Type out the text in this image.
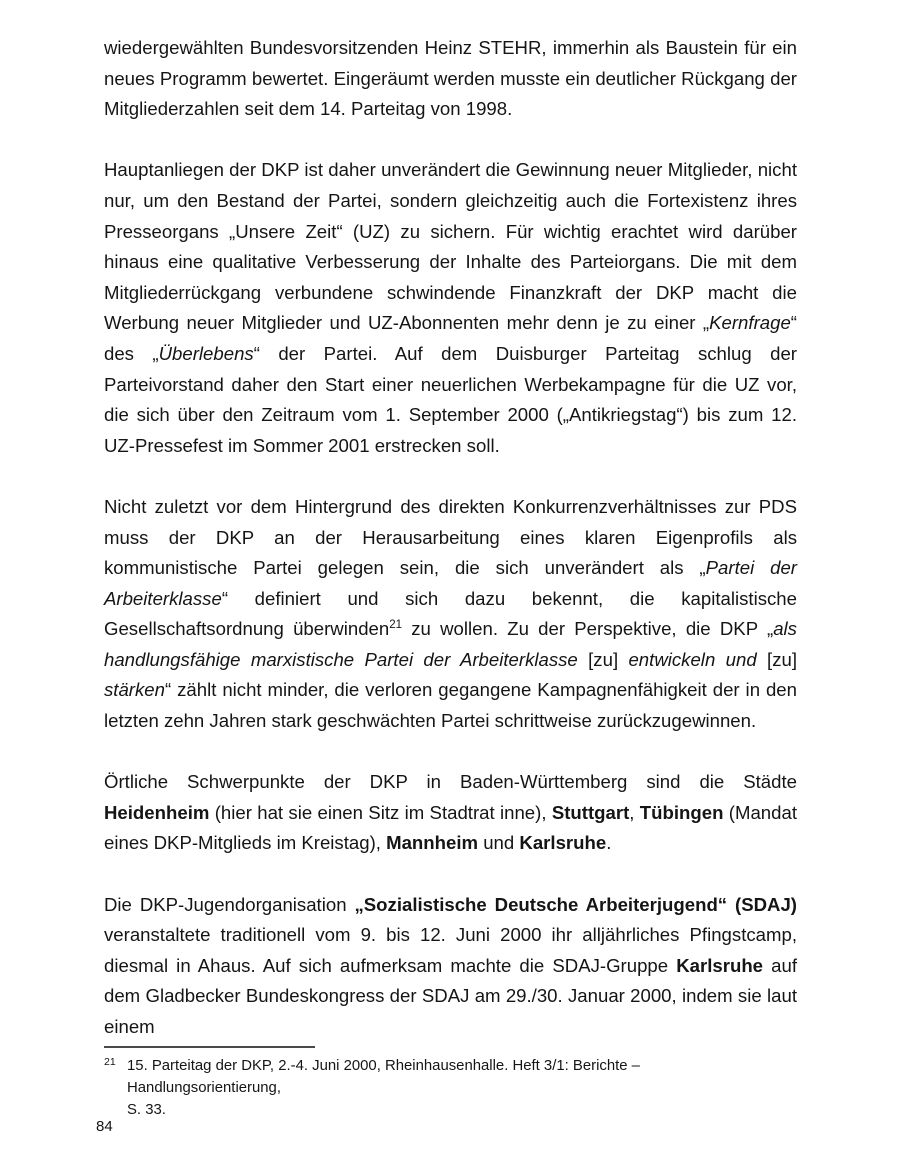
wiedergewählten Bundesvorsitzenden Heinz STEHR, immerhin als Baustein für ein neues Programm bewertet. Eingeräumt werden musste ein deutlicher Rückgang der Mitgliederzahlen seit dem 14. Parteitag von 1998.

Hauptanliegen der DKP ist daher unverändert die Gewinnung neuer Mitglieder, nicht nur, um den Bestand der Partei, sondern gleichzeitig auch die Fortexistenz ihres Presseorgans „Unsere Zeit“ (UZ) zu sichern. Für wichtig erachtet wird darüber hinaus eine qualitative Verbesserung der Inhalte des Parteiorgans. Die mit dem Mitgliederrückgang verbundene schwindende Finanzkraft der DKP macht die Werbung neuer Mitglieder und UZ-Abonnenten mehr denn je zu einer „Kernfrage“ des „Überlebens“ der Partei. Auf dem Duisburger Parteitag schlug der Parteivorstand daher den Start einer neuerlichen Werbekampagne für die UZ vor, die sich über den Zeitraum vom 1. September 2000 („Antikriegstag“) bis zum 12. UZ-Pressefest im Sommer 2001 erstrecken soll.

Nicht zuletzt vor dem Hintergrund des direkten Konkurrenzverhältnisses zur PDS muss der DKP an der Herausarbeitung eines klaren Eigenprofils als kommunistische Partei gelegen sein, die sich unverändert als „Partei der Arbeiterklasse“ definiert und sich dazu bekennt, die kapitalistische Gesellschaftsordnung überwinden$^{21}$ zu wollen. Zu der Perspektive, die DKP „als handlungsfähige marxistische Partei der Arbeiterklasse [zu] entwickeln und [zu] stärken“ zählt nicht minder, die verloren gegangene Kampagnenfähigkeit der in den letzten zehn Jahren stark geschwächten Partei schrittweise zurückzugewinnen.

Örtliche Schwerpunkte der DKP in Baden-Württemberg sind die Städte Heidenheim (hier hat sie einen Sitz im Stadtrat inne), Stuttgart, Tübingen (Mandat eines DKP-Mitglieds im Kreistag), Mannheim und Karlsruhe.

Die DKP-Jugendorganisation „Sozialistische Deutsche Arbeiterjugend“ (SDAJ) veranstaltete traditionell vom 9. bis 12. Juni 2000 ihr alljährliches Pfingstcamp, diesmal in Ahaus. Auf sich aufmerksam machte die SDAJ-Gruppe Karlsruhe auf dem Gladbecker Bundeskongress der SDAJ am 29./30. Januar 2000, indem sie laut einem

21 15. Parteitag der DKP, 2.-4. Juni 2000, Rheinhausenhalle. Heft 3/1: Berichte – Handlungsorientierung,
S. 33.
84
